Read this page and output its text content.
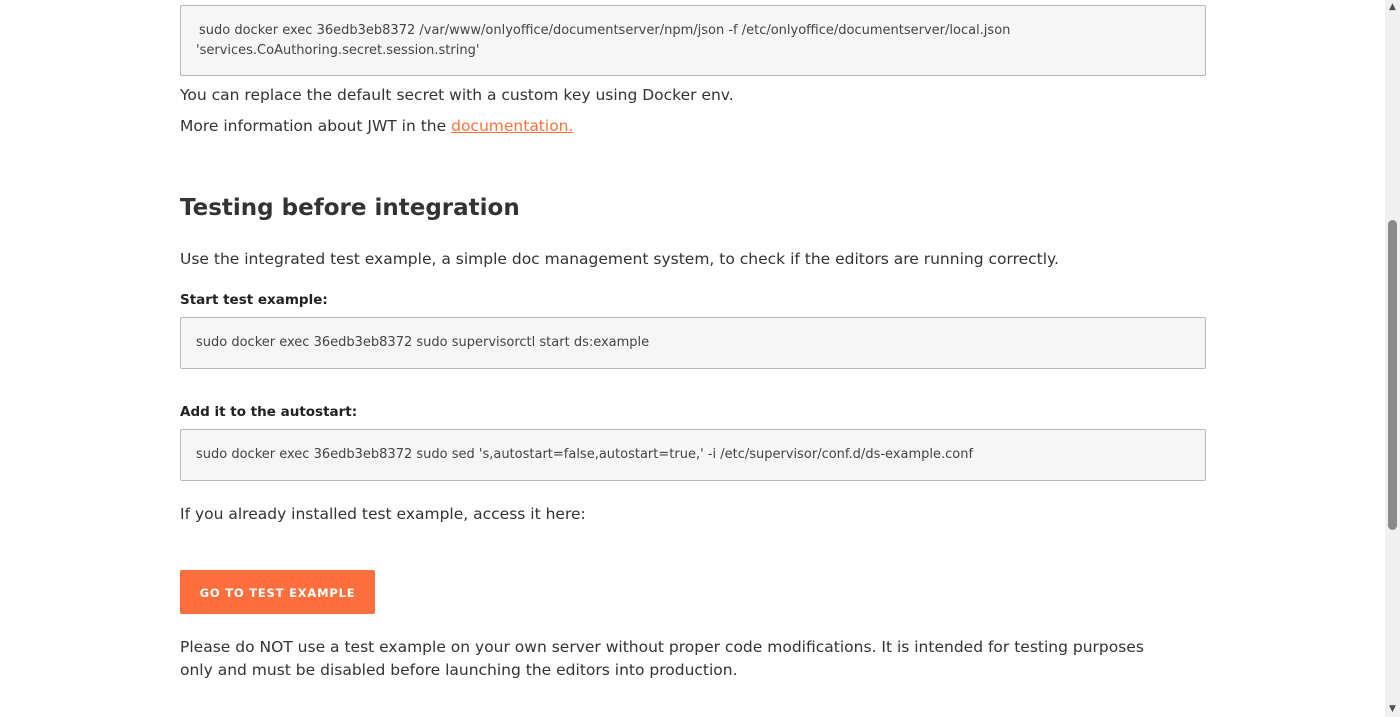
sudo docker exec 36edb3eb8372 /var/www/onlyoffice/documentserver/npm/json -f /etc/onlyoffice/documentserver/local.json
'services.CoAuthoring.secret.session.string'

You can replace the default secret with a custom key using Docker env.

More information about JWT in the documentation.

Testing before integration

Use the integrated test example, a simple doc management system, to check if the editors are running correctly.

Start test example:

sudo docker exec 36edb3eb8372 sudo supervisorctl start ds:example

Add it to the autostart:

sudo docker exec 36edb3eb8372 sudo sed 's,autostart=false,autostart=true,' -i /etc/supervisor/conf.d/ds-example.conf

If you already installed test example, access it here:

GO TO TEST EXAMPLE

Please do NOT use a test example on your own server without proper code modifications. It is intended for testing purposes only and must be disabled before launching the editors into production.

▲
▼
